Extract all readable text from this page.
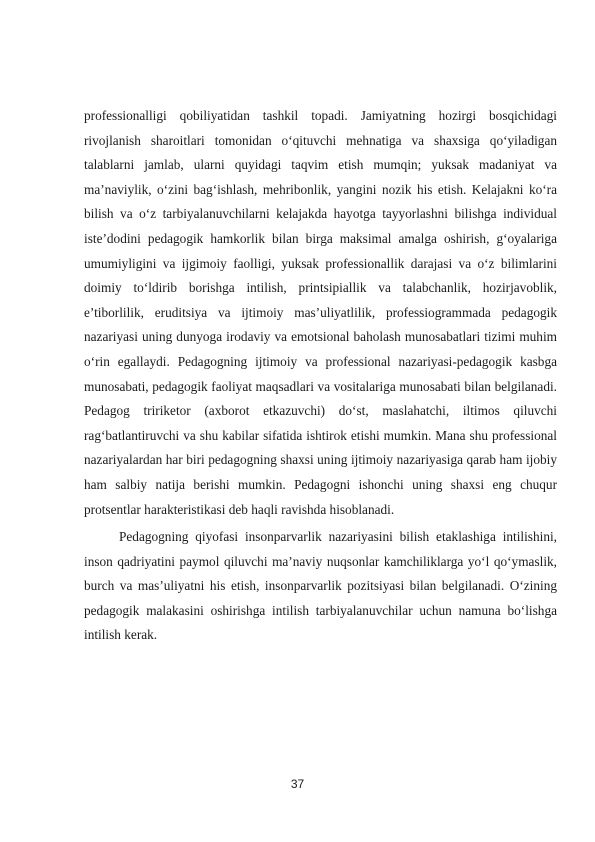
professionalligi qobiliyatidan tashkil topadi. Jamiyatning hozirgi bosqichidagi rivojlanish sharoitlari tomonidan o‘qituvchi mehnatiga va shaxsiga qo‘yiladigan talablarni jamlab, ularni quyidagi taqvim etish mumqin; yuksak madaniyat va ma’naviylik, o‘zini bag‘ishlash, mehribonlik, yangini nozik his etish. Kelajakni ko‘ra bilish va o‘z tarbiyalanuvchilarni kelajakda hayotga tayyorlashni bilishga individual iste’dodini pedagogik hamkorlik bilan birga maksimal amalga oshirish, g‘oyalariga umumiyligini va ijgimoiy faolligi, yuksak professionallik darajasi va o‘z bilimlarini doimiy to‘ldirib borishga intilish, printsipiallik va talabchanlik, hozirjavoblik, e’tiborlilik, eruditsiya va ijtimoiy mas’uliyatlilik, professiogrammada pedagogik nazariyasi uning dunyoga irodaviy va emotsional baholash munosabatlari tizimi muhim o‘rin egallaydi. Pedagogning ijtimoiy va professional nazariyasi-pedagogik kasbga munosabati, pedagogik faoliyat maqsadlari va vositalariga munosabati bilan belgilanadi. Pedagog tririketor (axborot etkazuvchi) do‘st, maslahatchi, iltimos qiluvchi rag‘batlantiruvchi va shu kabilar sifatida ishtirok etishi mumkin. Mana shu professional nazariyalardan har biri pedagogning shaxsi uning ijtimoiy nazariyasiga qarab ham ijobiy ham salbiy natija berishi mumkin. Pedagogni ishonchi uning shaxsi eng chuqur protsentlar harakteristikasi deb haqli ravishda hisoblanadi.

Pedagogning qiyofasi insonparvarlik nazariyasini bilish etaklashiga intilishini, inson qadriyatini paymol qiluvchi ma’naviy nuqsonlar kamchiliklarga yo‘l qo‘ymaslik, burch va mas’uliyatni his etish, insonparvarlik pozitsiyasi bilan belgilanadi. O‘zining pedagogik malakasini oshirishga intilish tarbiyalanuvchilar uchun namuna bo‘lishga intilish kerak.

37
